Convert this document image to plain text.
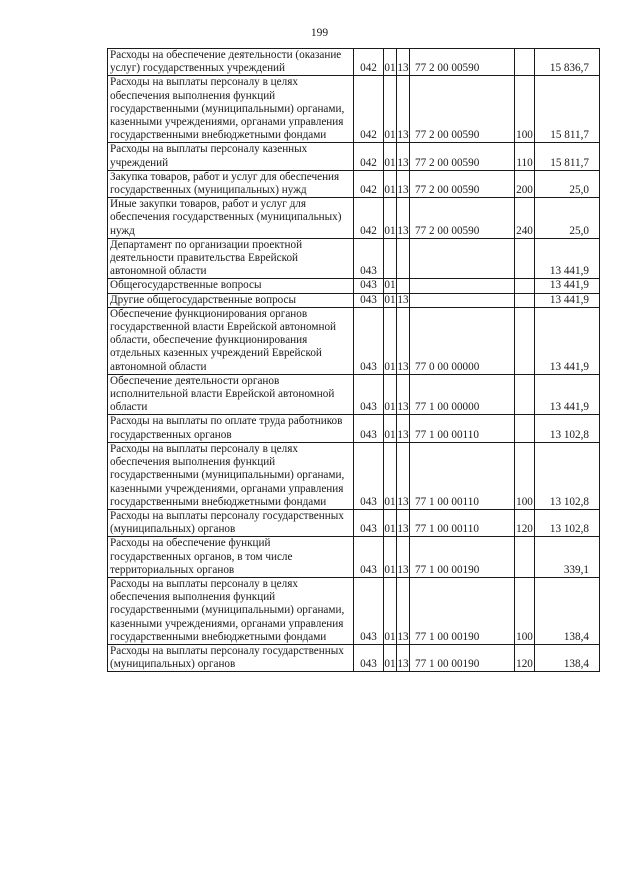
199
Расходы на обеспечение деятельности (оказание услуг) государственных учреждений	042	01	13	77 2 00 00590		15 836,7
Расходы на выплаты персоналу в целях обеспечения выполнения функций государственными (муниципальными) органами, казенными учреждениями, органами управления государственными внебюджетными фондами	042	01	13	77 2 00 00590	100	15 811,7
Расходы на выплаты персоналу казенных учреждений	042	01	13	77 2 00 00590	110	15 811,7
Закупка товаров, работ и услуг для обеспечения государственных (муниципальных) нужд	042	01	13	77 2 00 00590	200	25,0
Иные закупки товаров, работ и услуг для обеспечения государственных (муниципальных) нужд	042	01	13	77 2 00 00590	240	25,0
Департамент по организации проектной деятельности правительства Еврейской автономной области	043					13 441,9
Общегосударственные вопросы	043	01				13 441,9
Другие общегосударственные вопросы	043	01	13			13 441,9
Обеспечение функционирования органов государственной власти Еврейской автономной области, обеспечение функционирования отдельных казенных учреждений Еврейской автономной области	043	01	13	77 0 00 00000		13 441,9
Обеспечение деятельности органов исполнительной власти Еврейской автономной области	043	01	13	77 1 00 00000		13 441,9
Расходы на выплаты по оплате труда работников государственных органов	043	01	13	77 1 00 00110		13 102,8
Расходы на выплаты персоналу в целях обеспечения выполнения функций государственными (муниципальными) органами, казенными учреждениями, органами управления государственными внебюджетными фондами	043	01	13	77 1 00 00110	100	13 102,8
Расходы на выплаты персоналу государственных (муниципальных) органов	043	01	13	77 1 00 00110	120	13 102,8
Расходы на обеспечение функций государственных органов, в том числе территориальных органов	043	01	13	77 1 00 00190		339,1
Расходы на выплаты персоналу в целях обеспечения выполнения функций государственными (муниципальными) органами, казенными учреждениями, органами управления государственными внебюджетными фондами	043	01	13	77 1 00 00190	100	138,4
Расходы на выплаты персоналу государственных (муниципальных) органов	043	01	13	77 1 00 00190	120	138,4
